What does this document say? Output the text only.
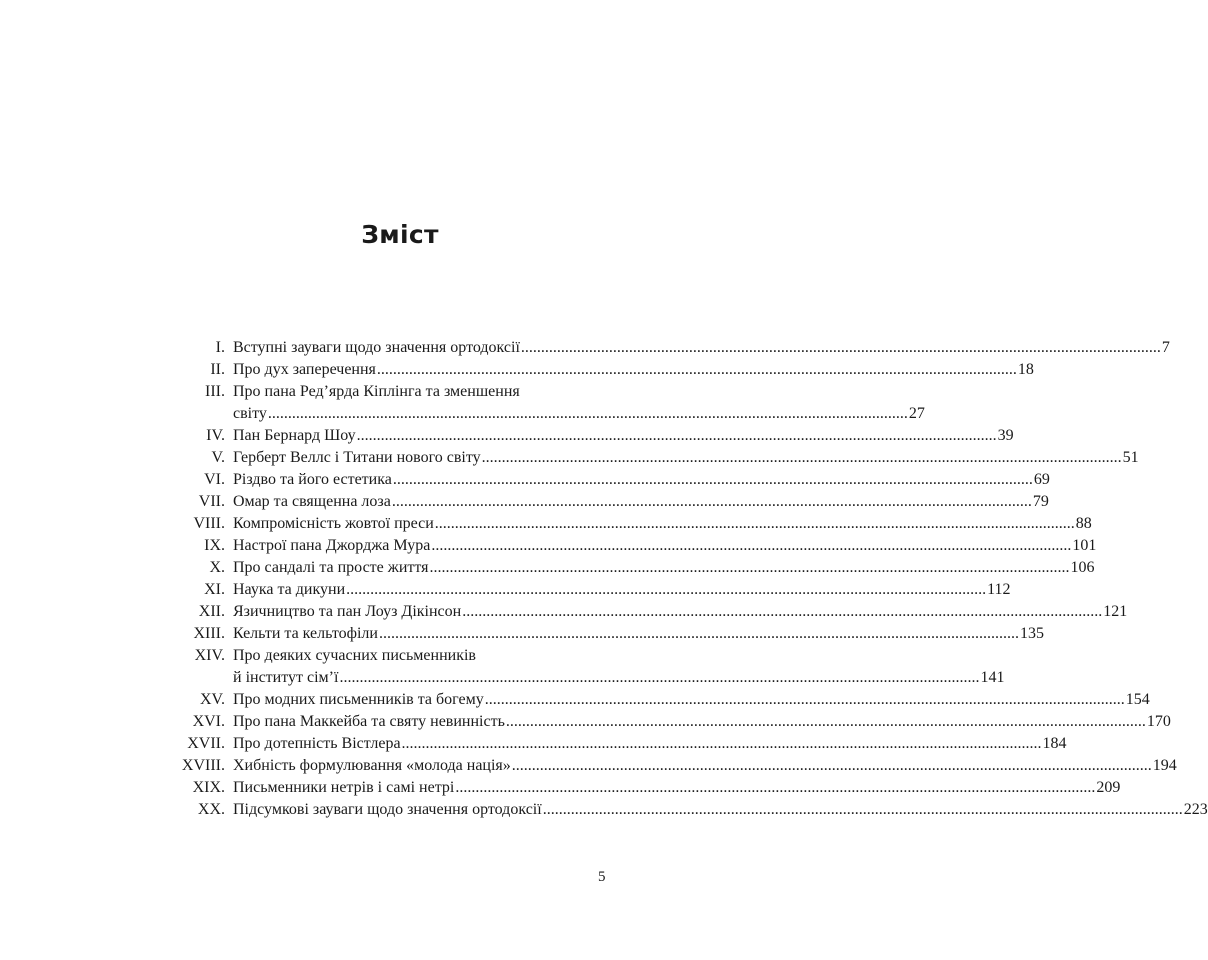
Зміст
I. Вступні зауваги щодо значення ортодоксії .....	7
II. Про дух заперечення .....	18
III. Про пана Ред’ярда Кіплінга та зменшення
світу .....	27
IV. Пан Бернард Шоу .....	39
V. Герберт Веллс і Титани нового світу .....	51
VI. Різдво та його естетика .....	69
VII. Омар та священна лоза .....	79
VIII. Компромісність жовтої преси .....	88
IX. Настрої пана Джорджа Мура .....	101
X. Про сандалі та просте життя .....	106
XI. Наука та дикуни .....	112
XII. Язичництво та пан Лоуз Дікінсон .....	121
XIII. Кельти та кельтофіли .....	135
XIV. Про деяких сучасних письменників
й інститут сім’ї .....	141
XV. Про модних письменників та богему .....	154
XVI. Про пана Маккейба та святу невинність .....	170
XVII. Про дотепність Вістлера .....	184
XVIII. Хибність формулювання «молода нація» .....	194
XIX. Письменники нетрів і самі нетрі .....	209
XX. Підсумкові зауваги щодо значення ортодоксії .....	223
5
